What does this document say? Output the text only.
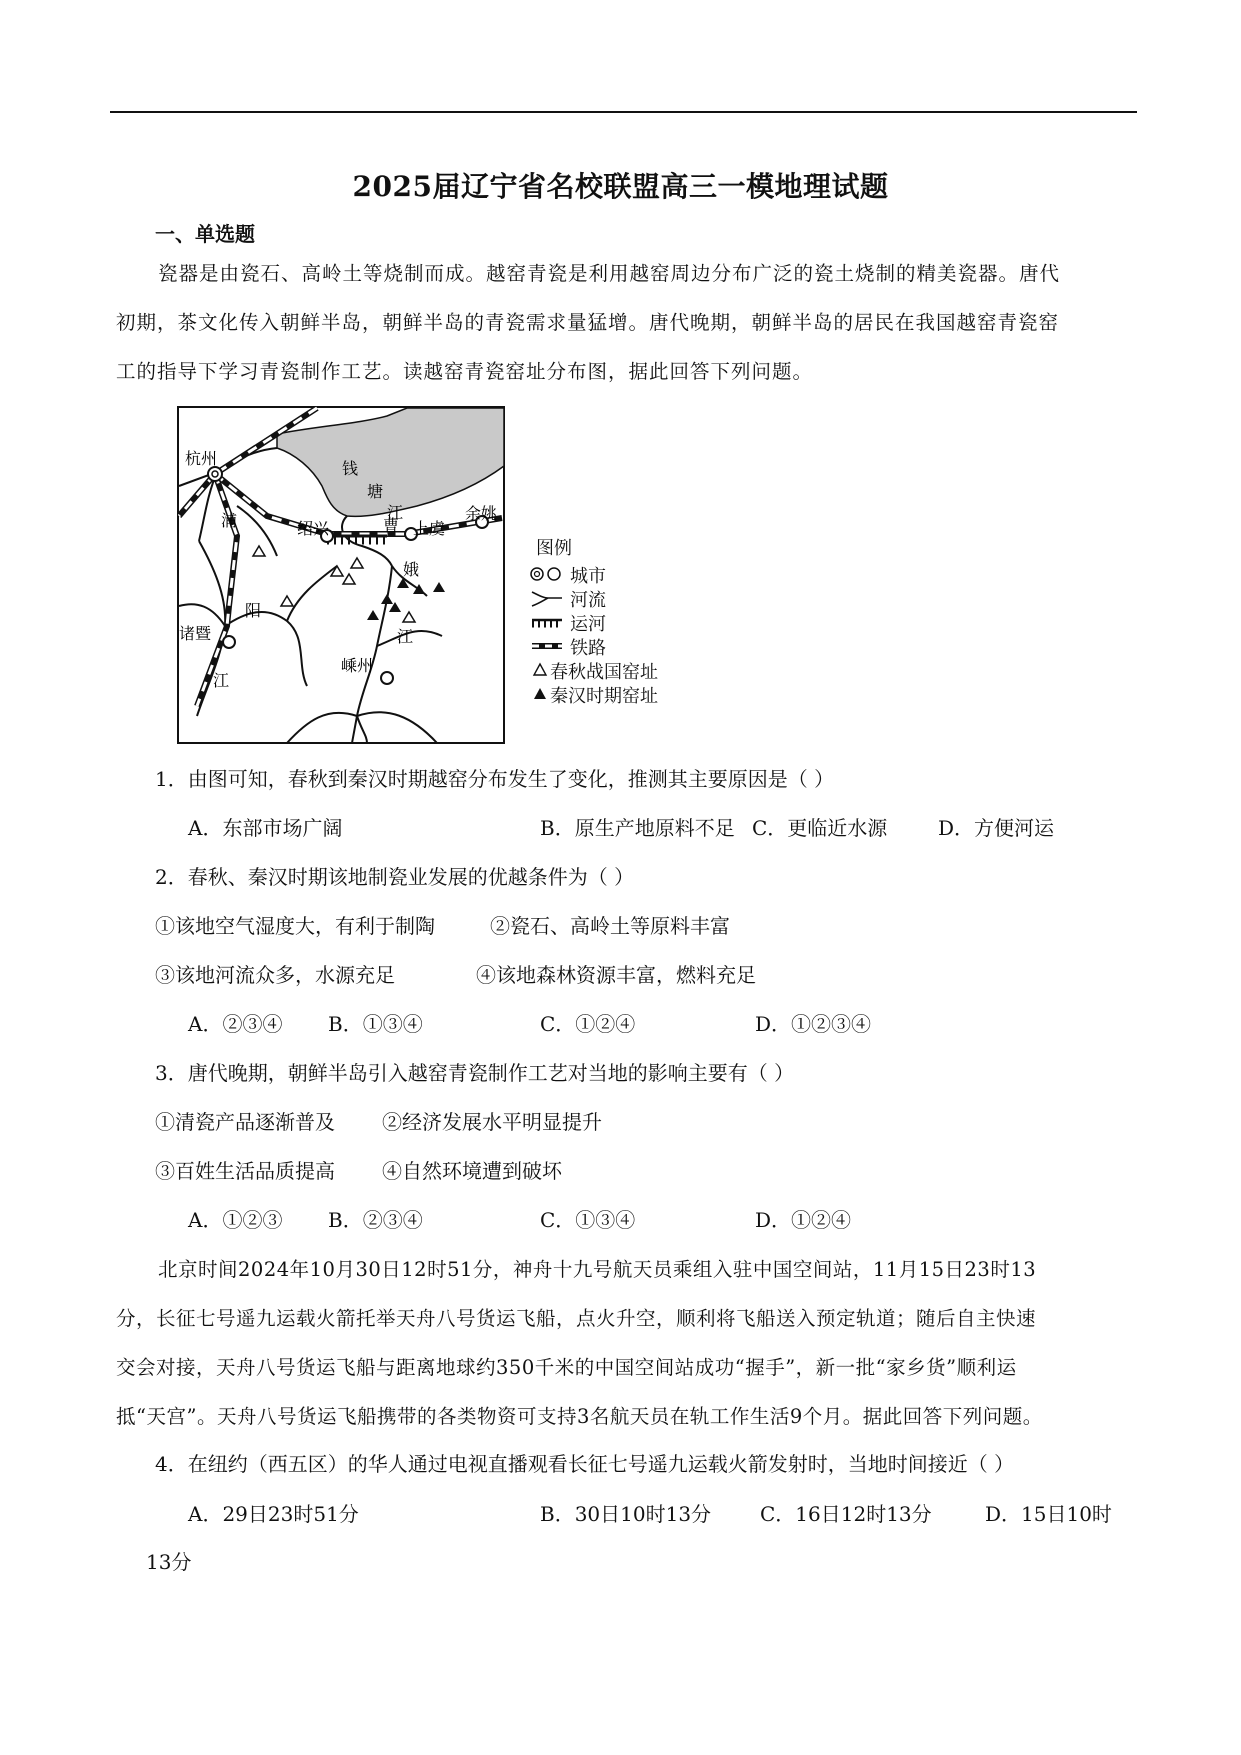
2025届辽宁省名校联盟高三一模地理试题
一、单选题
瓷器是由瓷石、高岭土等烧制而成。越窑青瓷是利用越窑周边分布广泛的瓷土烧制的精美瓷器。唐代
初期，茶文化传入朝鲜半岛，朝鲜半岛的青瓷需求量猛增。唐代晚期，朝鲜半岛的居民在我国越窑青瓷窑
工的指导下学习青瓷制作工艺。读越窑青瓷窑址分布图，据此回答下列问题。
杭州
绍兴	上虞
余姚
诸暨
嵊州
钱
塘
江
浦
阳
江
曹
娥
江
图例
城市
河流
运河
铁路
春秋战国窑址
秦汉时期窑址
1．由图可知，春秋到秦汉时期越窑分布发生了变化，推测其主要原因是（ ）
A．东部市场广阔	B．原生产地原料不足 C．更临近水源	D．方便河运
2．春秋、秦汉时期该地制瓷业发展的优越条件为（ ）
①该地空气湿度大，有利于制陶	②瓷石、高岭土等原料丰富
③该地河流众多，水源充足	④该地森林资源丰富，燃料充足
A．②③④ B．①③④	C．①②④	D．①②③④
3．唐代晚期，朝鲜半岛引入越窑青瓷制作工艺对当地的影响主要有（ ）
①清瓷产品逐渐普及 ②经济发展水平明显提升
③百姓生活品质提高 ④自然环境遭到破坏
A．①②③ B．②③④	C．①③④	D．①②④
北京时间2024年10月30日12时51分，神舟十九号航天员乘组入驻中国空间站，11月15日23时13
分，长征七号遥九运载火箭托举天舟八号货运飞船，点火升空，顺利将飞船送入预定轨道；随后自主快速
交会对接，天舟八号货运飞船与距离地球约350千米的中国空间站成功“握手”，新一批“家乡货”顺利运
抵“天宫”。天舟八号货运飞船携带的各类物资可支持3名航天员在轨工作生活9个月。据此回答下列问题。
4．在纽约（西五区）的华人通过电视直播观看长征七号遥九运载火箭发射时，当地时间接近（ ）
A．29日23时51分	B．30日10时13分 C．16日12时13分	D．15日10时
13分
